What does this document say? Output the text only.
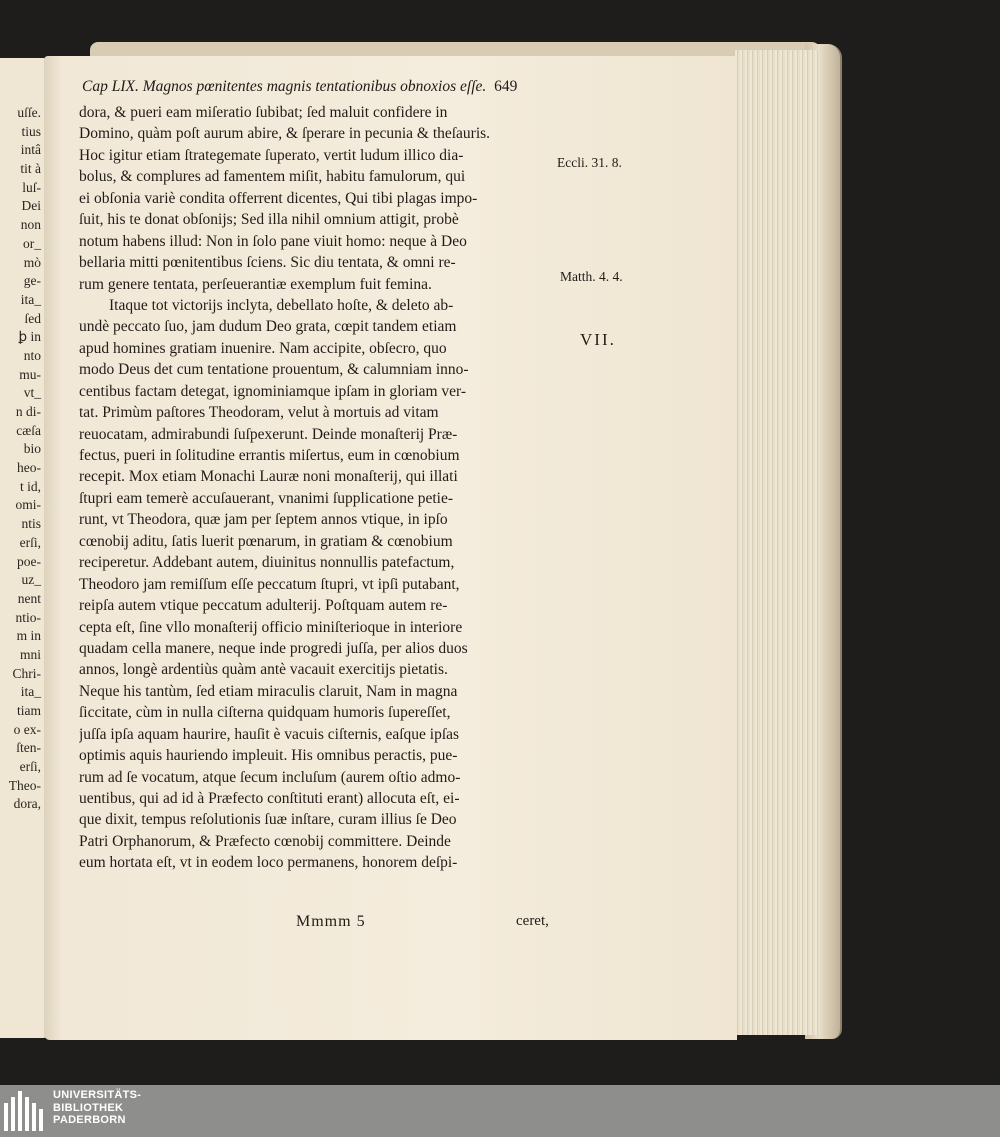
uſſe.
tius
intâ
tit à
luſ-
Dei
non
or_
mò
ge-
ita_
ſed
ꝧ in
nto
mu-
vt_
n di-
cæſa
bio
heo-
t id,
omi-
ntis
erſi,
poe-
uz_
nent
ntio-
m in
mni
Chri-
ita_
tiam
o ex-
ſten-
erſi,
Theo-
dora,
Cap LIX. Magnos pœnitentes magnis tentationibus obnoxios eſſe. 649
dora, & pueri eam miſeratio ſubibat; ſed maluit confidere in
Domino, quàm poſt aurum abire, & ſperare in pecunia & theſauris.
Hoc igitur etiam ſtrategemate ſuperato, vertit ludum illico dia-
bolus, & complures ad famentem miſit, habitu famulorum, qui
ei obſonia variè condita offerrent dicentes, Qui tibi plagas impo-
ſuit, his te donat obſonijs; Sed illa nihil omnium attigit, probè
notum habens illud: Non in ſolo pane viuit homo: neque à Deo
bellaria mitti pœnitentibus ſciens. Sic diu tentata, & omni re-
rum genere tentata, perſeuerantiæ exemplum fuit femina.
Itaque tot victorijs inclyta, debellato hoſte, & deleto ab-
undè peccato ſuo, jam dudum Deo grata, cœpit tandem etiam
apud homines gratiam inuenire. Nam accipite, obſecro, quo
modo Deus det cum tentatione prouentum, & calumniam inno-
centibus factam detegat, ignominiamque ipſam in gloriam ver-
tat. Primùm paſtores Theodoram, velut à mortuis ad vitam
reuocatam, admirabundi ſuſpexerunt. Deinde monaſterij Præ-
fectus, pueri in ſolitudine errantis miſertus, eum in cœnobium
recepit. Mox etiam Monachi Lauræ noni monaſterij, qui illati
ſtupri eam temerè accuſauerant, vnanimi ſupplicatione petie-
runt, vt Theodora, quæ jam per ſeptem annos vtique, in ipſo
cœnobij aditu, ſatis luerit pœnarum, in gratiam & cœnobium
reciperetur. Addebant autem, diuinitus nonnullis patefactum,
Theodoro jam remiſſum eſſe peccatum ſtupri, vt ipſi putabant,
reipſa autem vtique peccatum adulterij. Poſtquam autem re-
cepta eſt, ſine vllo monaſterij officio miniſterioque in interiore
quadam cella manere, neque inde progredi juſſa, per alios duos
annos, longè ardentiùs quàm antè vacauit exercitijs pietatis.
Neque his tantùm, ſed etiam miraculis claruit, Nam in magna
ſiccitate, cùm in nulla ciſterna quidquam humoris ſupereſſet,
juſſa ipſa aquam haurire, hauſit è vacuis ciſternis, eaſque ipſas
optimis aquis hauriendo impleuit. His omnibus peractis, pue-
rum ad ſe vocatum, atque ſecum incluſum (aurem oſtio admo-
uentibus, qui ad id à Præfecto conſtituti erant) allocuta eſt, ei-
que dixit, tempus reſolutionis ſuæ inſtare, curam illius ſe Deo
Patri Orphanorum, & Præfecto cœnobij committere. Deinde
eum hortata eſt, vt in eodem loco permanens, honorem deſpi-
Eccli. 31. 8.
Matth. 4. 4.
VII.
Mmmm 5	ceret,
UNIVERSITÄTS-
BIBLIOTHEK
PADERBORN
